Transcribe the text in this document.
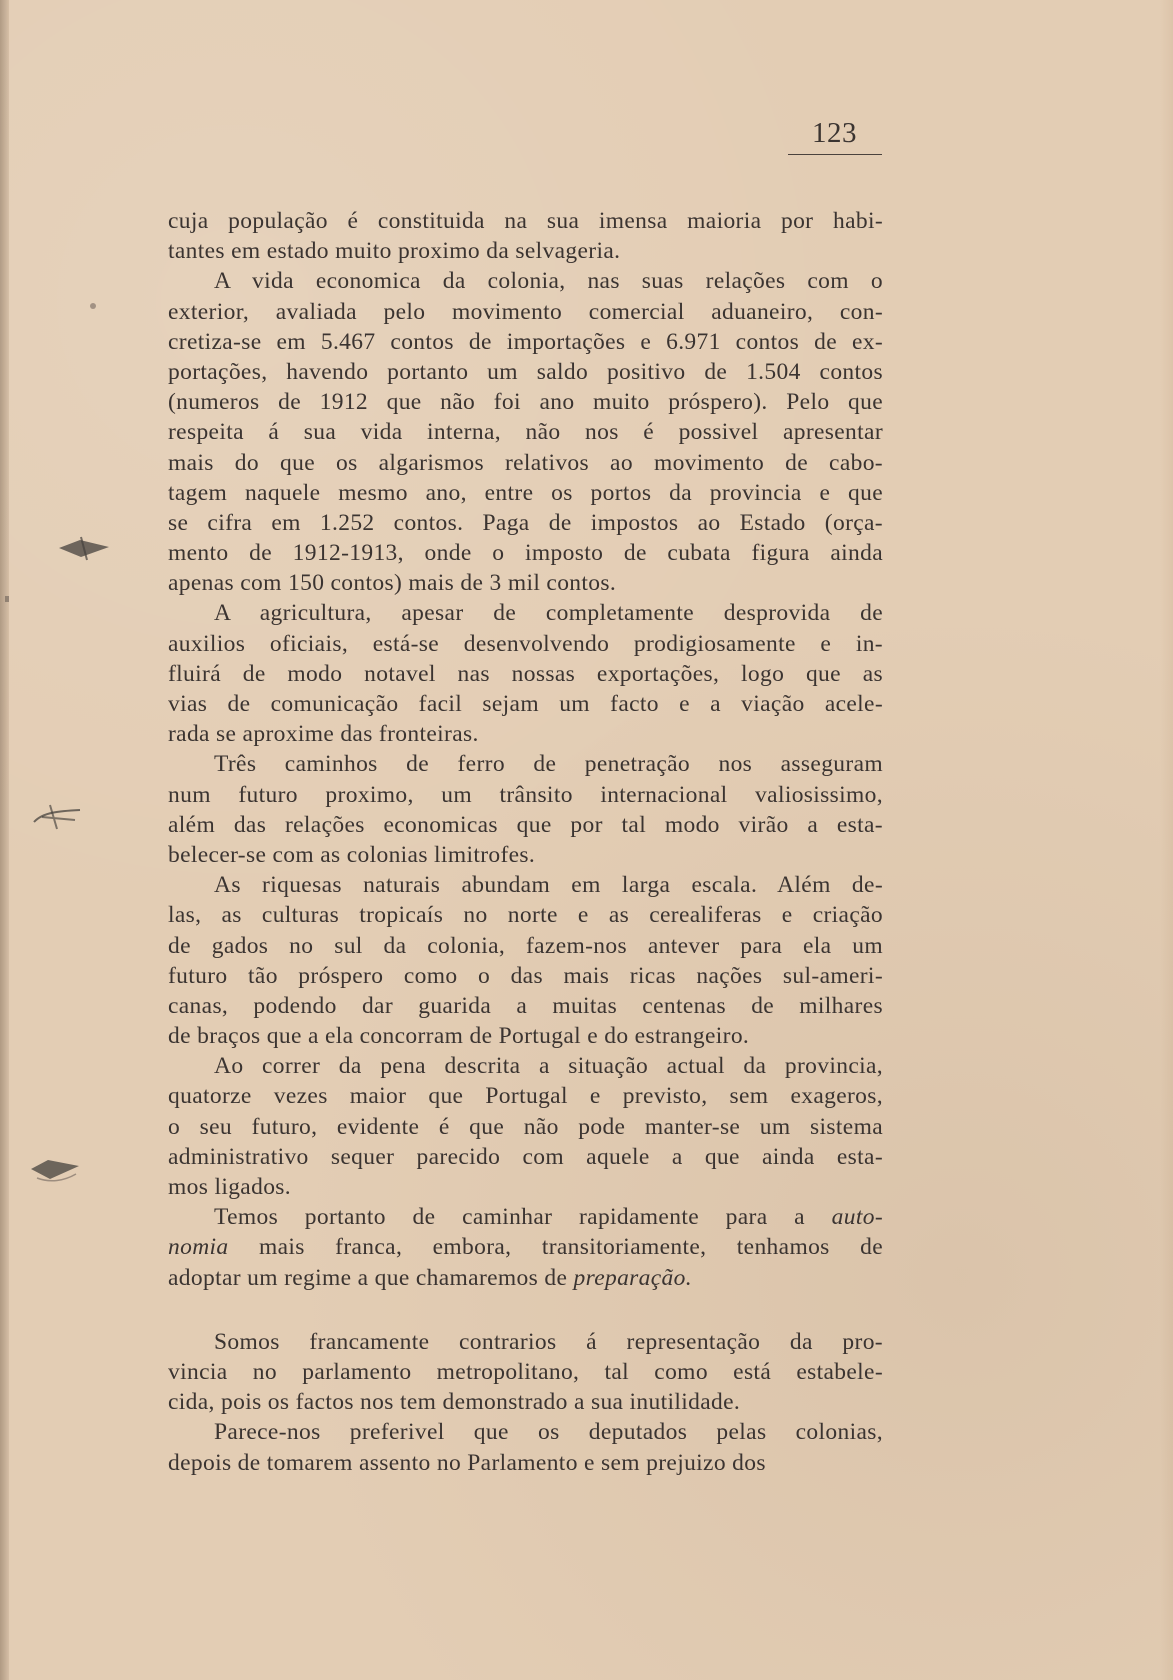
123
cuja população é constituida na sua imensa maioria por habi-
tantes em estado muito proximo da selvageria.
A vida economica da colonia, nas suas relações com o
exterior, avaliada pelo movimento comercial aduaneiro, con-
cretiza-se em 5.467 contos de importações e 6.971 contos de ex-
portações, havendo portanto um saldo positivo de 1.504 contos
(numeros de 1912 que não foi ano muito próspero). Pelo que
respeita á sua vida interna, não nos é possivel apresentar
mais do que os algarismos relativos ao movimento de cabo-
tagem naquele mesmo ano, entre os portos da provincia e que
se cifra em 1.252 contos. Paga de impostos ao Estado (orça-
mento de 1912-1913, onde o imposto de cubata figura ainda
apenas com 150 contos) mais de 3 mil contos.
A agricultura, apesar de completamente desprovida de
auxilios oficiais, está-se desenvolvendo prodigiosamente e in-
fluirá de modo notavel nas nossas exportações, logo que as
vias de comunicação facil sejam um facto e a viação acele-
rada se aproxime das fronteiras.
Três caminhos de ferro de penetração nos asseguram
num futuro proximo, um trânsito internacional valiosissimo,
além das relações economicas que por tal modo virão a esta-
belecer-se com as colonias limitrofes.
As riquesas naturais abundam em larga escala. Além de-
las, as culturas tropicaís no norte e as cerealiferas e criação
de gados no sul da colonia, fazem-nos antever para ela um
futuro tão próspero como o das mais ricas nações sul-ameri-
canas, podendo dar guarida a muitas centenas de milhares
de braços que a ela concorram de Portugal e do estrangeiro.
Ao correr da pena descrita a situação actual da provincia,
quatorze vezes maior que Portugal e previsto, sem exageros,
o seu futuro, evidente é que não pode manter-se um sistema
administrativo sequer parecido com aquele a que ainda esta-
mos ligados.
Temos portanto de caminhar rapidamente para a auto-
nomia mais franca, embora, transitoriamente, tenhamos de
adoptar um regime a que chamaremos de preparação.
Somos francamente contrarios á representação da pro-
vincia no parlamento metropolitano, tal como está estabele-
cida, pois os factos nos tem demonstrado a sua inutilidade.
Parece-nos preferivel que os deputados pelas colonias,
depois de tomarem assento no Parlamento e sem prejuizo dos
